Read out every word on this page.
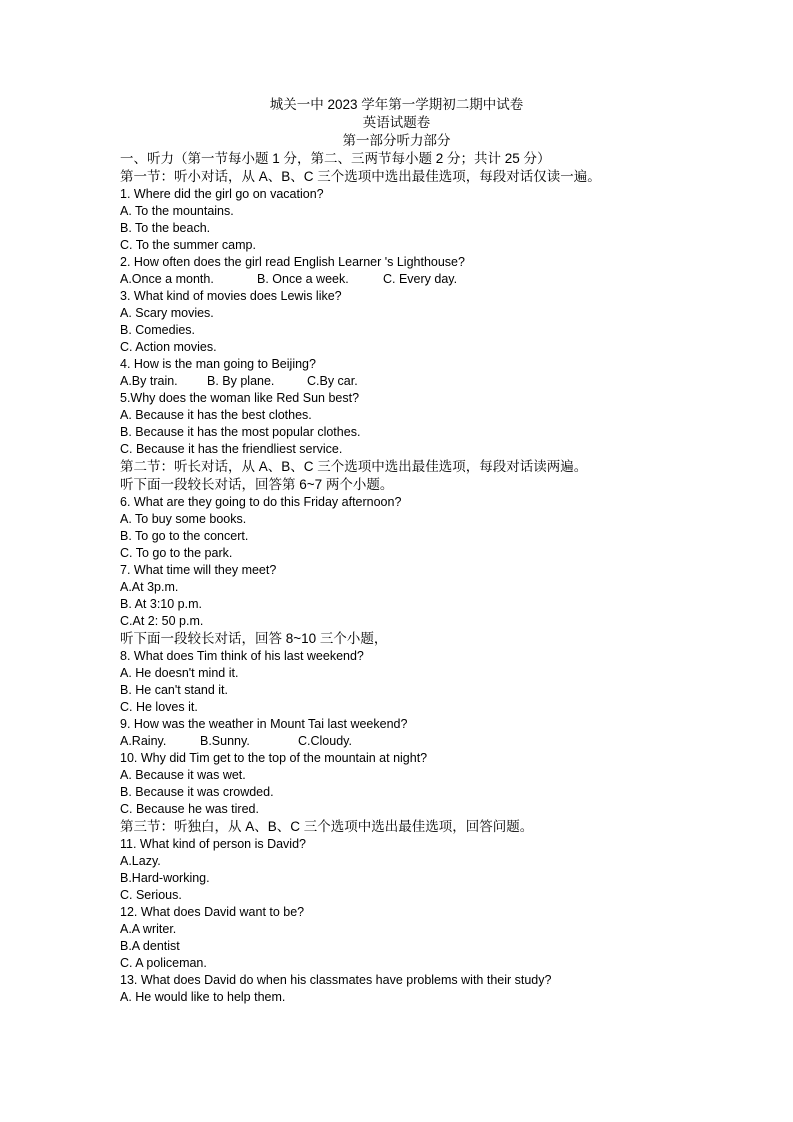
城关一中 2023 学年第一学期初二期中试卷
英语试题卷
第一部分听力部分
一、听力（第一节每小题 1 分，第二、三两节每小题 2 分；共计 25 分）
第一节：听小对话，从 A、B、C 三个选项中选出最佳选项，每段对话仅读一遍。
1. Where did the girl go on vacation?
A. To the mountains.
B. To the beach.
C. To the summer camp.
2. How often does the girl read English Learner 's Lighthouse?
A.Once a month.	B. Once a week.	C. Every day.
3. What kind of movies does Lewis like?
A. Scary movies.
B. Comedies.
C. Action movies.
4. How is the man going to Beijing?
A.By train. B. By plane.	C.By car.
5.Why does the woman like Red Sun best?
A. Because it has the best clothes.
B. Because it has the most popular clothes.
C. Because it has the friendliest service.
第二节：听长对话，从 A、B、C 三个选项中选出最佳选项，每段对话读两遍。
听下面一段较长对话，回答第 6~7 两个小题。
6. What are they going to do this Friday afternoon?
A. To buy some books.
B. To go to the concert.
C. To go to the park.
7. What time will they meet?
A.At 3p.m.
B. At 3:10 p.m.
C.At 2: 50 p.m.
听下面一段较长对话，回答 8~10 三个小题，
8. What does Tim think of his last weekend?
A. He doesn't mind it.
B. He can't stand it.
C. He loves it.
9. How was the weather in Mount Tai last weekend?
A.Rainy.	B.Sunny.	C.Cloudy.
10. Why did Tim get to the top of the mountain at night?
A. Because it was wet.
B. Because it was crowded.
C. Because he was tired.
第三节：听独白，从 A、B、C 三个选项中选出最佳选项，回答问题。
11. What kind of person is David?
A.Lazy.
B.Hard-working.
C. Serious.
12. What does David want to be?
A.A writer.
B.A dentist
C. A policeman.
13. What does David do when his classmates have problems with their study?
A. He would like to help them.
